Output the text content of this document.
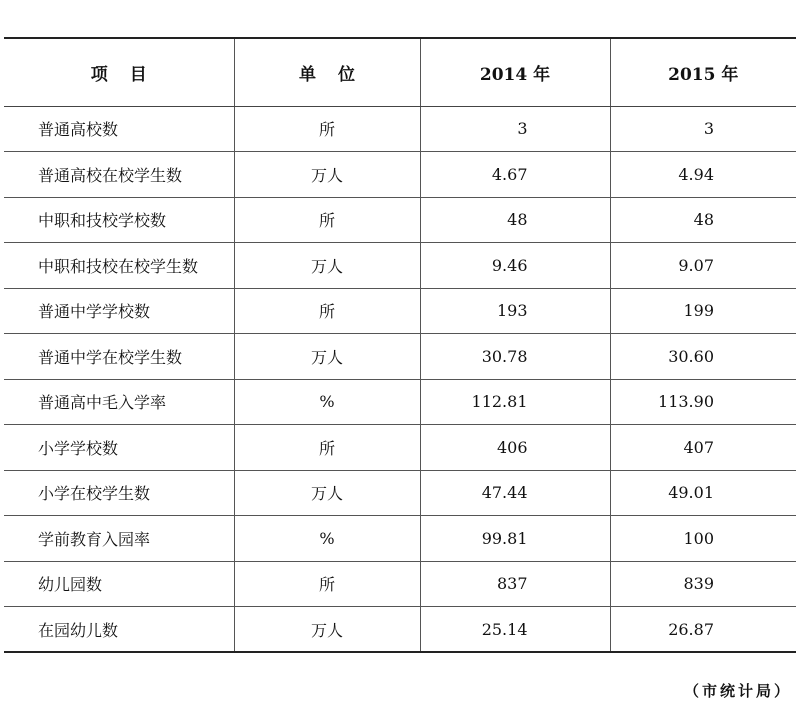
项目	单位	2014 年	2015 年
普通高校数	所	3	3
普通高校在校学生数	万人	4.67	4.94
中职和技校学校数	所	48	48
中职和技校在校学生数	万人	9.46	9.07
普通中学学校数	所	193	199
普通中学在校学生数	万人	30.78	30.60
普通高中毛入学率	%	112.81	113.90
小学学校数	所	406	407
小学在校学生数	万人	47.44	49.01
学前教育入园率	%	99.81	100
幼儿园数	所	837	839
在园幼儿数	万人	25.14	26.87
（市统计局）
